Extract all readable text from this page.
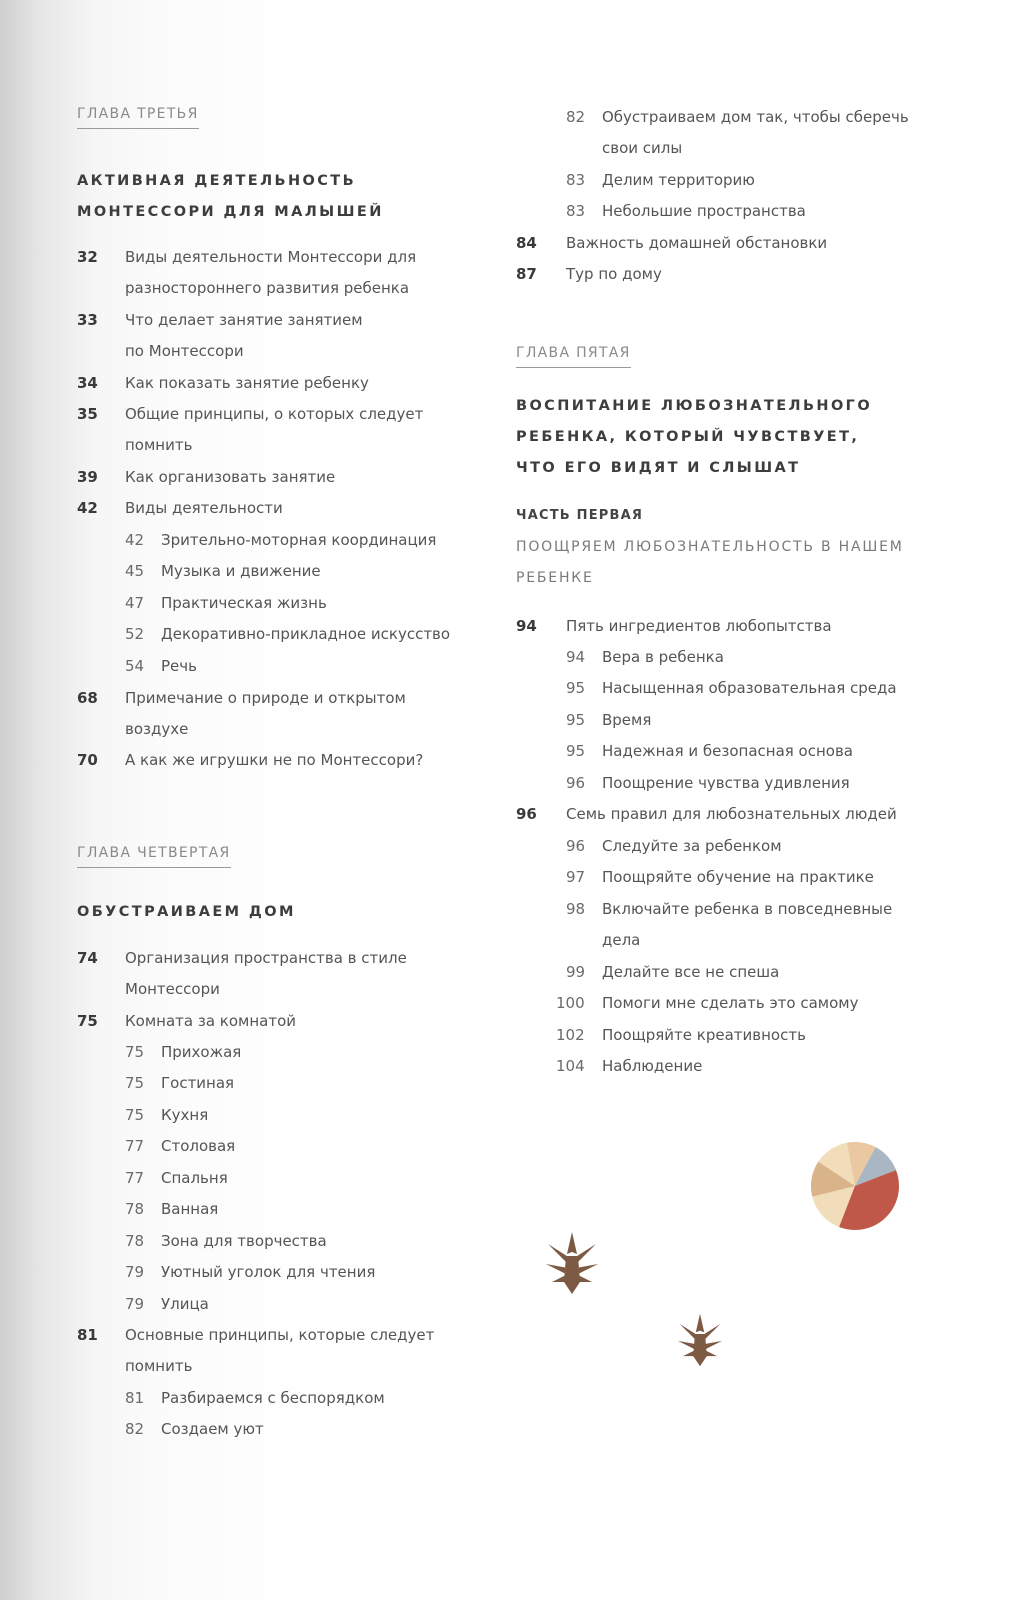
ГЛАВА ТРЕТЬЯ
АКТИВНАЯ ДЕЯТЕЛЬНОСТЬ
МОНТЕССОРИ ДЛЯ МАЛЫШЕЙ
32 Виды деятельности Монтессори для
разностороннего развития ребенка
33 Что делает занятие занятием
по Монтессори
34 Как показать занятие ребенку
35 Общие принципы, о которых следует
помнить
39 Как организовать занятие
42 Виды деятельности
42 Зрительно-моторная координация
45 Музыка и движение
47 Практическая жизнь
52 Декоративно-прикладное искусство
54 Речь
68 Примечание о природе и открытом
воздухе
70 А как же игрушки не по Монтессори?
ГЛАВА ЧЕТВЕРТАЯ
ОБУСТРАИВАЕМ ДОМ
74 Организация пространства в стиле
Монтессори
75 Комната за комнатой
75 Прихожая
75 Гостиная
75 Кухня
77 Столовая
77 Спальня
78 Ванная
78 Зона для творчества
79 Уютный уголок для чтения
79 Улица
81 Основные принципы, которые следует
помнить
81 Разбираемся с беспорядком
82 Создаем уют
82 Обустраиваем дом так, чтобы сберечь
свои силы
83 Делим территорию
83 Небольшие пространства
84 Важность домашней обстановки
87 Тур по дому
ГЛАВА ПЯТАЯ
ВОСПИТАНИЕ ЛЮБОЗНАТЕЛЬНОГО
РЕБЕНКА, КОТОРЫЙ ЧУВСТВУЕТ,
ЧТО ЕГО ВИДЯТ И СЛЫШАТ
ЧАСТЬ ПЕРВАЯ
ПООЩРЯЕМ ЛЮБОЗНАТЕЛЬНОСТЬ В НАШЕМ
РЕБЕНКЕ
94 Пять ингредиентов любопытства
94 Вера в ребенка
95 Насыщенная образовательная среда
95 Время
95 Надежная и безопасная основа
96 Поощрение чувства удивления
96 Семь правил для любознательных людей
96 Следуйте за ребенком
97 Поощряйте обучение на практике
98 Включайте ребенка в повседневные
дела
99 Делайте все не спеша
100 Помоги мне сделать это самому
102 Поощряйте креативность
104 Наблюдение
